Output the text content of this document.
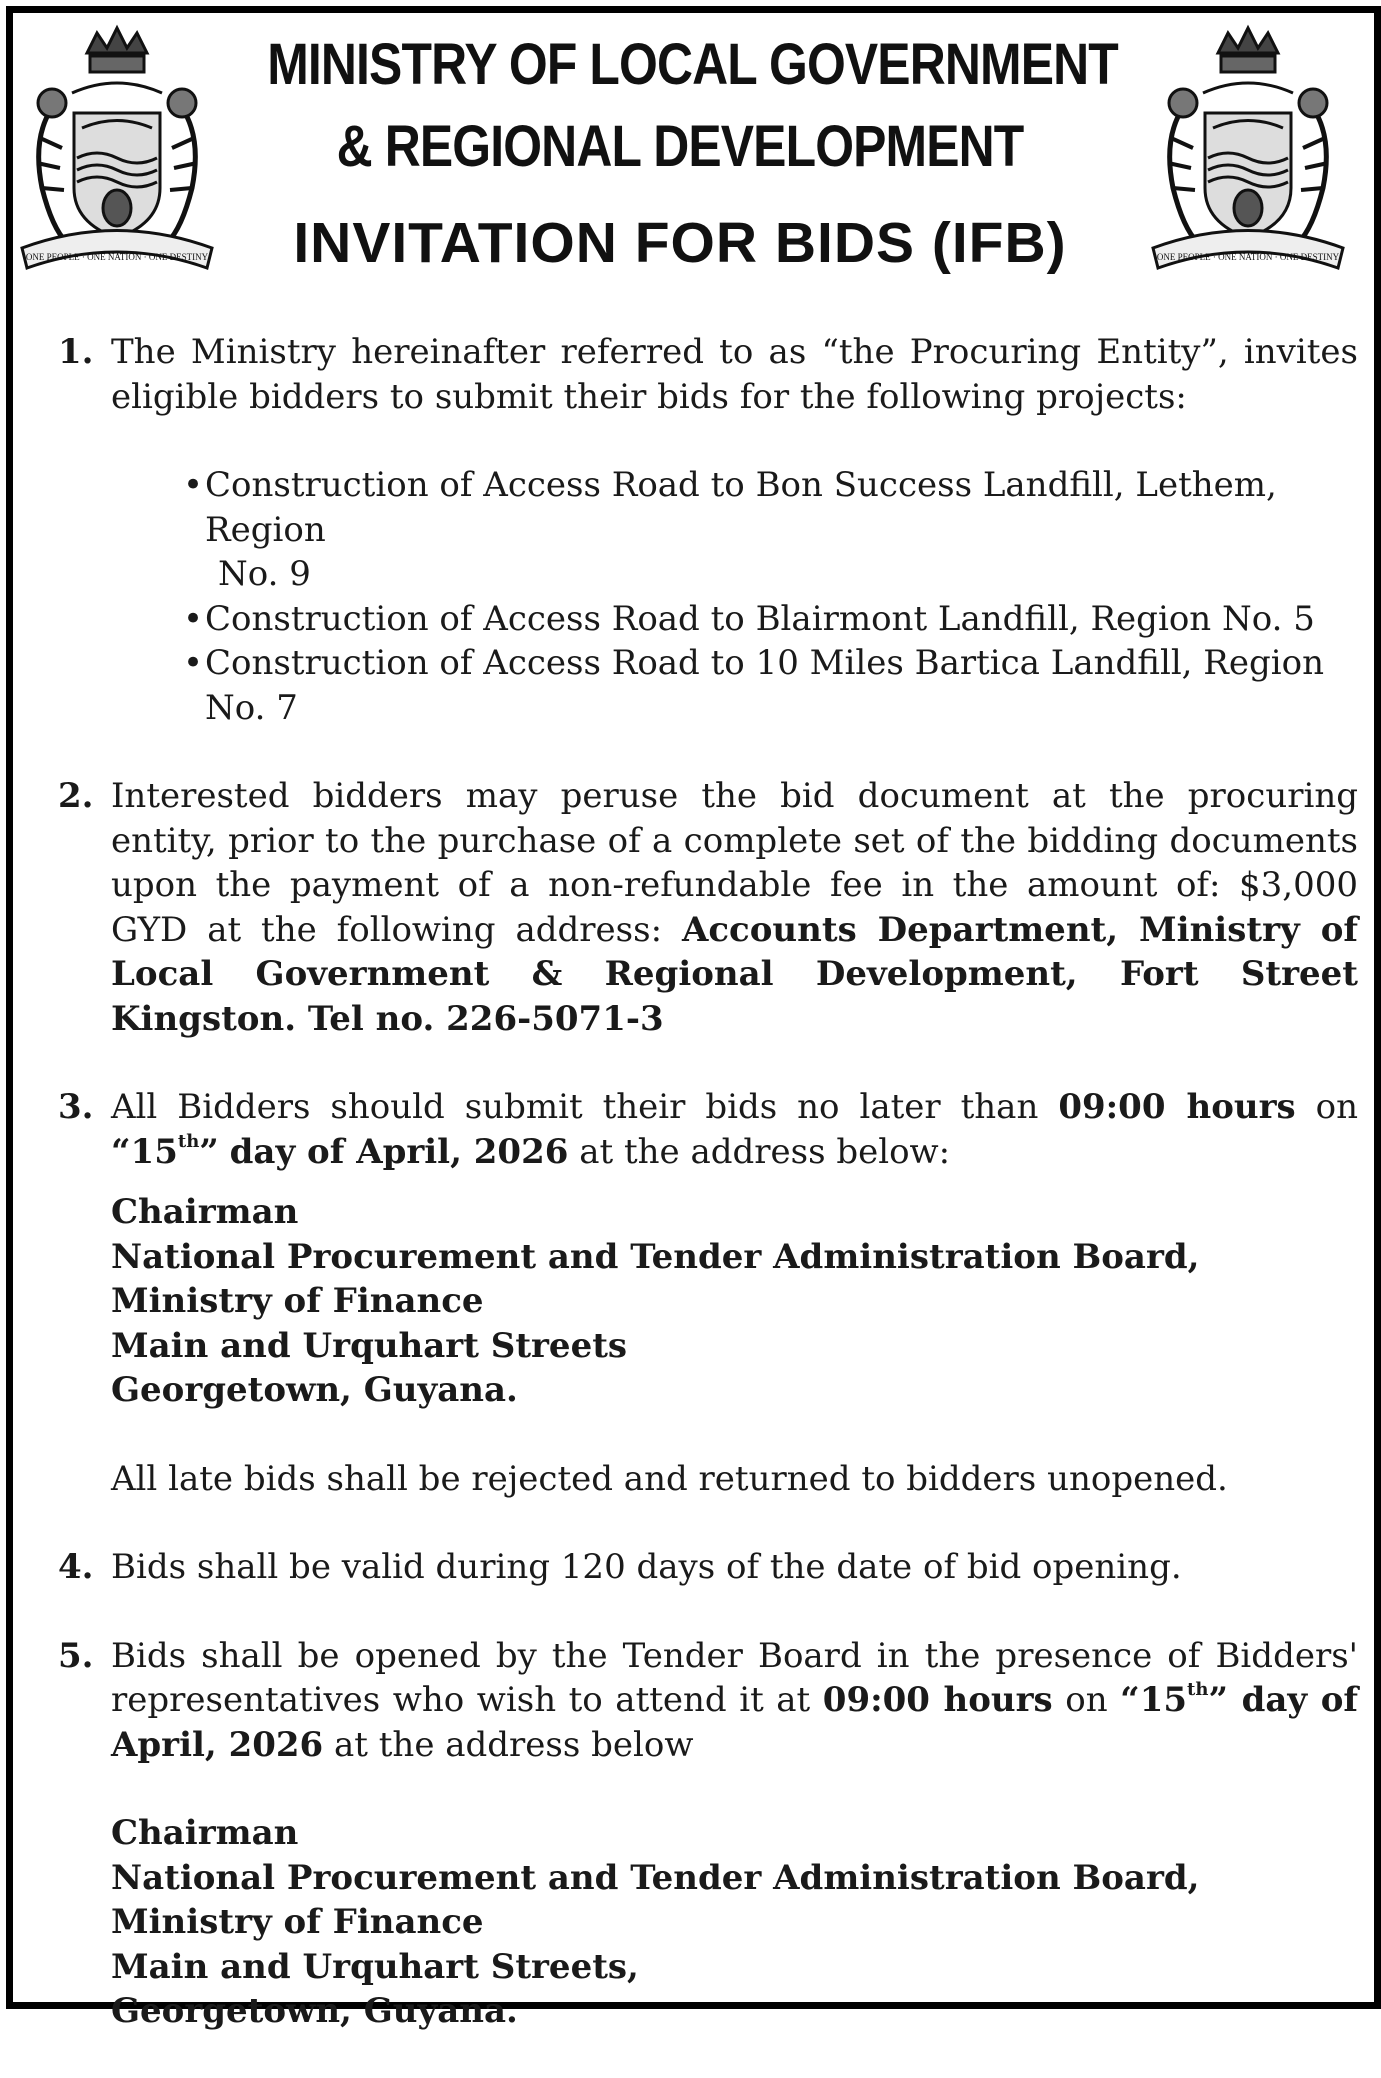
ONE PEOPLE · ONE NATION · ONE DESTINY	ONE PEOPLE · ONE NATION · ONE DESTINY
MINISTRY OF LOCAL GOVERNMENT
& REGIONAL DEVELOPMENT
INVITATION FOR BIDS (IFB)
1. The Ministry hereinafter referred to as “the Procuring Entity”, invites eligible bidders to submit their bids for the following projects:
• Construction of Access Road to Bon Success Landfill, Lethem, Region
No. 9
• Construction of Access Road to Blairmont Landfill, Region No. 5
• Construction of Access Road to 10 Miles Bartica Landfill, Region No. 7
2. Interested bidders may peruse the bid document at the procuring entity, prior to the purchase of a complete set of the bidding documents upon the payment of a non-refundable fee in the amount of: $3,000 GYD at the following address: Accounts Department, Ministry of Local Government & Regional Development, Fort Street Kingston. Tel no. 226-5071-3
3. All Bidders should submit their bids no later than 09:00 hours on “15th” day of April, 2026 at the address below:
Chairman
National Procurement and Tender Administration Board,
Ministry of Finance
Main and Urquhart Streets
Georgetown, Guyana.
All late bids shall be rejected and returned to bidders unopened.
4. Bids shall be valid during 120 days of the date of bid opening.
5. Bids shall be opened by the Tender Board in the presence of Bidders' representatives who wish to attend it at 09:00 hours on “15th” day of April, 2026 at the address below
Chairman
National Procurement and Tender Administration Board,
Ministry of Finance
Main and Urquhart Streets,
Georgetown, Guyana.
